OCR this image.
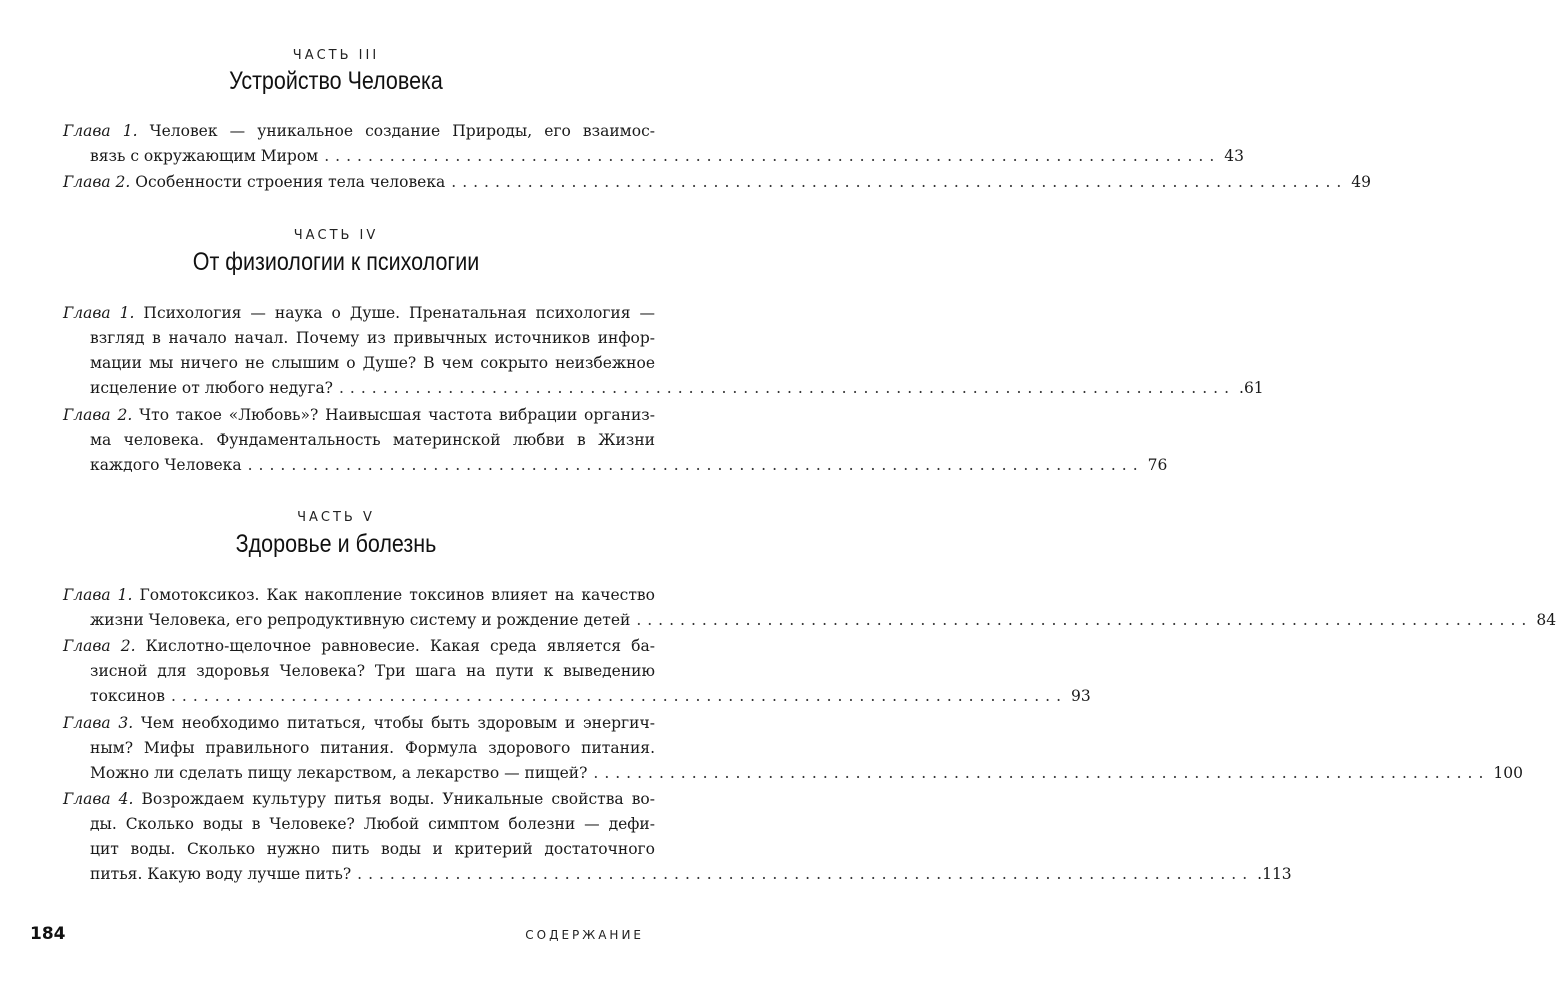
ЧАСТЬ III
Устройство Человека
Глава 1. Человек — уникальное создание Природы, его взаимос-
вязь с окружающим Миром .................................................................................. 43
Глава 2. Особенности строения тела человека .................................................................................. 49
ЧАСТЬ IV
От физиологии к психологии
Глава 1. Психология — наука о Душе. Пренатальная психология —
взгляд в начало начал. Почему из привычных источников инфор-
мации мы ничего не слышим о Душе? В чем сокрыто неизбежное
исцеление от любого недуга? .................................................................................. .61
Глава 2. Что такое «Любовь»? Наивысшая частота вибрации организ-
ма человека. Фундаментальность материнской любви в Жизни
каждого Человека .................................................................................. 76
ЧАСТЬ V
Здоровье и болезнь
Глава 1. Гомотоксикоз. Как накопление токсинов влияет на качество
жизни Человека, его репродуктивную систему и рождение детей .................................................................................. 84
Глава 2. Кислотно-щелочное равновесие. Какая среда является ба-
зисной для здоровья Человека? Три шага на пути к выведению
токсинов .................................................................................. 93
Глава 3. Чем необходимо питаться, чтобы быть здоровым и энергич-
ным? Мифы правильного питания. Формула здорового питания.
Можно ли сделать пищу лекарством, а лекарство — пищей? .................................................................................. 100
Глава 4. Возрождаем культуру питья воды. Уникальные свойства во-
ды. Сколько воды в Человеке? Любой симптом болезни — дефи-
цит воды. Сколько нужно пить воды и критерий достаточного
питья. Какую воду лучше пить? .................................................................................. .113
184	СОДЕРЖАНИЕ
